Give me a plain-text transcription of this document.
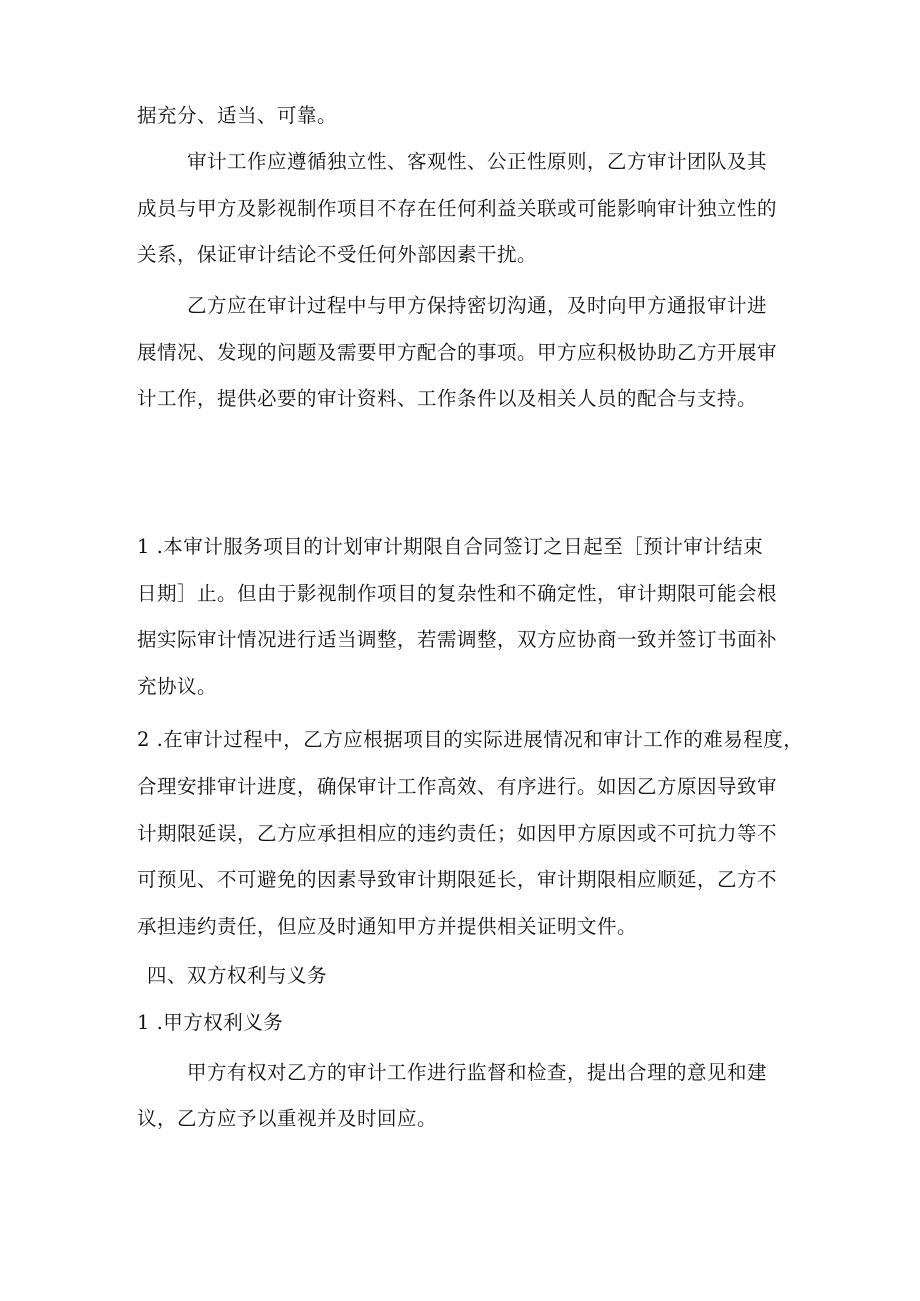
据充分、适当、可靠。
审计工作应遵循独立性、客观性、公正性原则，乙方审计团队及其
成员与甲方及影视制作项目不存在任何利益关联或可能影响审计独立性的
关系，保证审计结论不受任何外部因素干扰。
乙方应在审计过程中与甲方保持密切沟通，及时向甲方通报审计进
展情况、发现的问题及需要甲方配合的事项。甲方应积极协助乙方开展审
计工作，提供必要的审计资料、工作条件以及相关人员的配合与支持。
1 .本审计服务项目的计划审计期限自合同签订之日起至［预计审计结束
日期］止。但由于影视制作项目的复杂性和不确定性，审计期限可能会根
据实际审计情况进行适当调整，若需调整，双方应协商一致并签订书面补
充协议。
2 .在审计过程中，乙方应根据项目的实际进展情况和审计工作的难易程度，
合理安排审计进度，确保审计工作高效、有序进行。如因乙方原因导致审
计期限延误，乙方应承担相应的违约责任；如因甲方原因或不可抗力等不
可预见、不可避免的因素导致审计期限延长，审计期限相应顺延，乙方不
承担违约责任，但应及时通知甲方并提供相关证明文件。
四、双方权利与义务
1 .甲方权利义务
甲方有权对乙方的审计工作进行监督和检查，提出合理的意见和建
议，乙方应予以重视并及时回应。
